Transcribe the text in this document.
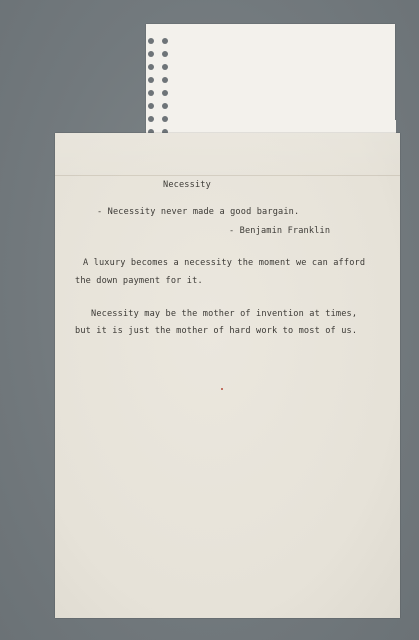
Necessity
- Necessity never made a good bargain.
- Benjamin Franklin
A luxury becomes a necessity the moment we can afford
the down payment for it.
Necessity may be the mother of invention at times,
but it is just the mother of hard work to most of us.
